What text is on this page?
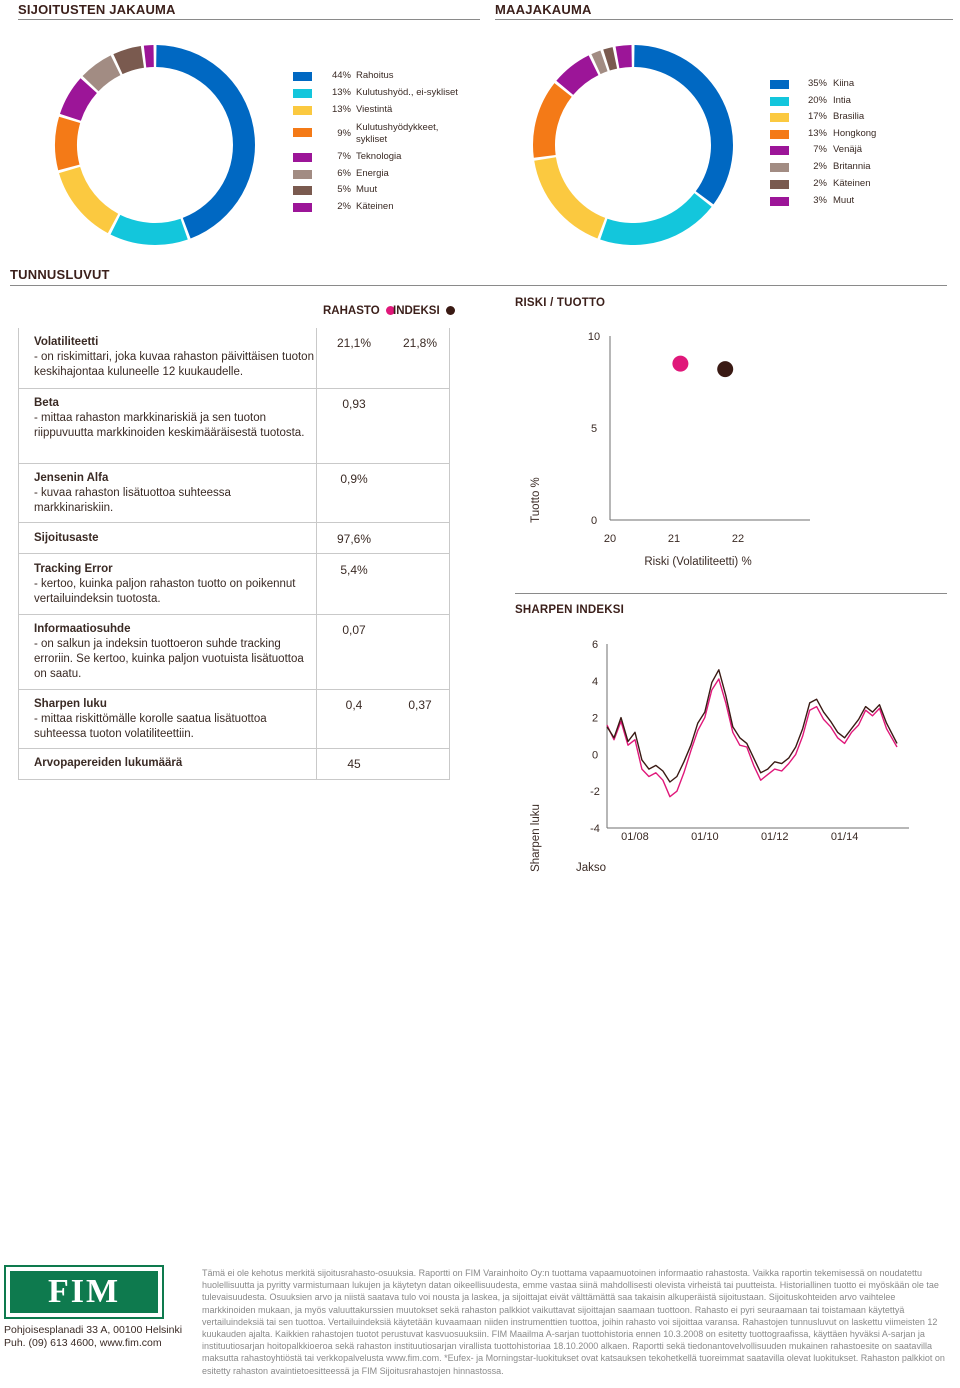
SIJOITUSTEN JAKAUMA	MAAJAKAUMA
44% Rahoitus
13% Kulutushyöd., ei-sykliset
13% Viestintä
9%
Kulutushyödykkeet, sykliset
7% Teknologia
6% Energia
5% Muut
2% Käteinen
35% Kiina
20% Intia
17% Brasilia
13% Hongkong
7% Venäjä
2% Britannia
2% Käteinen
3% Muut
TUNNUSLUVUT
RAHASTO	INDEKSI
Volatiliteetti
- on riskimittari, joka kuvaa rahaston päivittäisen tuoton keskihajontaa kuluneelle 12 kuukaudelle.
21,1%	21,8%
Beta
- mittaa rahaston markkinariskiä ja sen tuoton riippuvuutta markkinoiden keskimääräisestä tuotosta.
0,93
Jensenin Alfa
- kuvaa rahaston lisätuottoa suhteessa markkinariskiin.
0,9%
Sijoitusaste	97,6%
Tracking Error
- kertoo, kuinka paljon rahaston tuotto on poikennut vertailuindeksin tuotosta.
5,4%
Informaatiosuhde
- on salkun ja indeksin tuottoeron suhde tracking erroriin. Se kertoo, kuinka paljon vuotuista lisätuottoa on saatu.
0,07
Sharpen luku
- mittaa riskittömälle korolle saatua lisätuottoa suhteessa tuoton volatiliteettiin.
0,4	0,37
Arvopapereiden lukumäärä	45
RISKI / TUOTTO
0
5
10
20	21	22
Riski (Volatiliteetti) %
Tuotto %
SHARPEN INDEKSI
6
4
2
0
-2
-4
01/08	01/10	01/12	01/14
Jakso
Sharpen luku
FIM
Pohjoisesplanadi 33 A, 00100 Helsinki
Puh. (09) 613 4600, www.fim.com
Tämä ei ole kehotus merkitä sijoitusrahasto-osuuksia. Raportti on FIM Varainhoito Oy:n tuottama vapaamuotoinen informaatio rahastosta. Vaikka raportin tekemisessä on noudatettu huolellisuutta ja pyritty varmistumaan lukujen ja käytetyn datan oikeellisuudesta, emme vastaa siinä mahdollisesti olevista virheistä tai puutteista. Historiallinen tuotto ei myöskään ole tae tulevaisuudesta. Osuuksien arvo ja niistä saatava tulo voi nousta ja laskea, ja sijoittajat eivät välttämättä saa takaisin alkuperäistä sijoitustaan. Sijoituskohteiden arvo vaihtelee markkinoiden mukaan, ja myös valuuttakurssien muutokset sekä rahaston palkkiot vaikuttavat sijoittajan saamaan tuottoon. Rahasto ei pyri seuraamaan tai toistamaan käytettyä vertailuindeksiä tai sen tuottoa. Vertailuindeksiä käytetään kuvaamaan niiden instrumenttien tuottoa, joihin rahasto voi sijoittaa varansa. Rahastojen tunnusluvut on laskettu viimeisten 12 kuukauden ajalta. Kaikkien rahastojen tuotot perustuvat kasvuosuuksiin. FIM Maailma A-sarjan tuottohistoria ennen 10.3.2008 on esitetty tuottograafissa, käyttäen hyväksi A-sarjan ja instituutiosarjan hoitopalkkioeroa sekä rahaston instituutiosarjan virallista tuottohistoriaa 18.10.2000 alkaen. Raportti sekä tiedonantovelvollisuuden mukainen rahastoesite on saatavilla maksutta rahastoyhtiöstä tai verkkopalvelusta www.fim.com. *Eufex- ja Morningstar-luokitukset ovat katsauksen tekohetkellä tuoreimmat saatavilla olevat luokitukset. Rahaston palkkiot on esitetty rahaston avaintietoesitteessä ja FIM Sijoitusrahastojen hinnastossa.
